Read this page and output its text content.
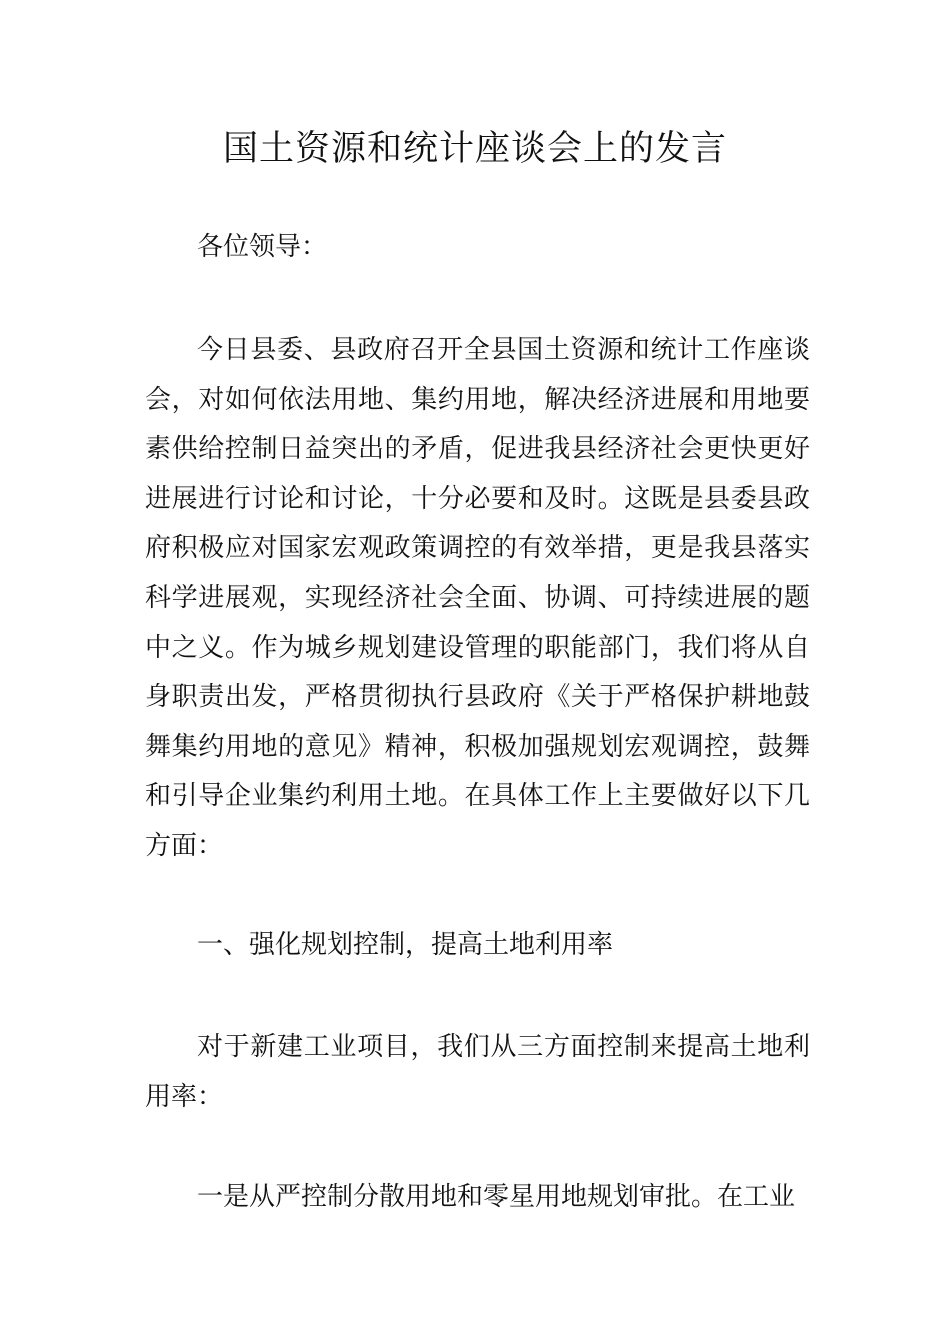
国土资源和统计座谈会上的发言

各位领导：

今日县委、县政府召开全县国土资源和统计工作座谈会，对如何依法用地、集约用地，解决经济进展和用地要素供给控制日益突出的矛盾，促进我县经济社会更快更好进展进行讨论和讨论，十分必要和及时。这既是县委县政府积极应对国家宏观政策调控的有效举措，更是我县落实科学进展观，实现经济社会全面、协调、可持续进展的题中之义。作为城乡规划建设管理的职能部门，我们将从自身职责出发，严格贯彻执行县政府《关于严格保护耕地鼓舞集约用地的意见》精神，积极加强规划宏观调控，鼓舞和引导企业集约利用土地。在具体工作上主要做好以下几方面：

一、强化规划控制，提高土地利用率

对于新建工业项目，我们从三方面控制来提高土地利用率：

一是从严控制分散用地和零星用地规划审批。在工业
